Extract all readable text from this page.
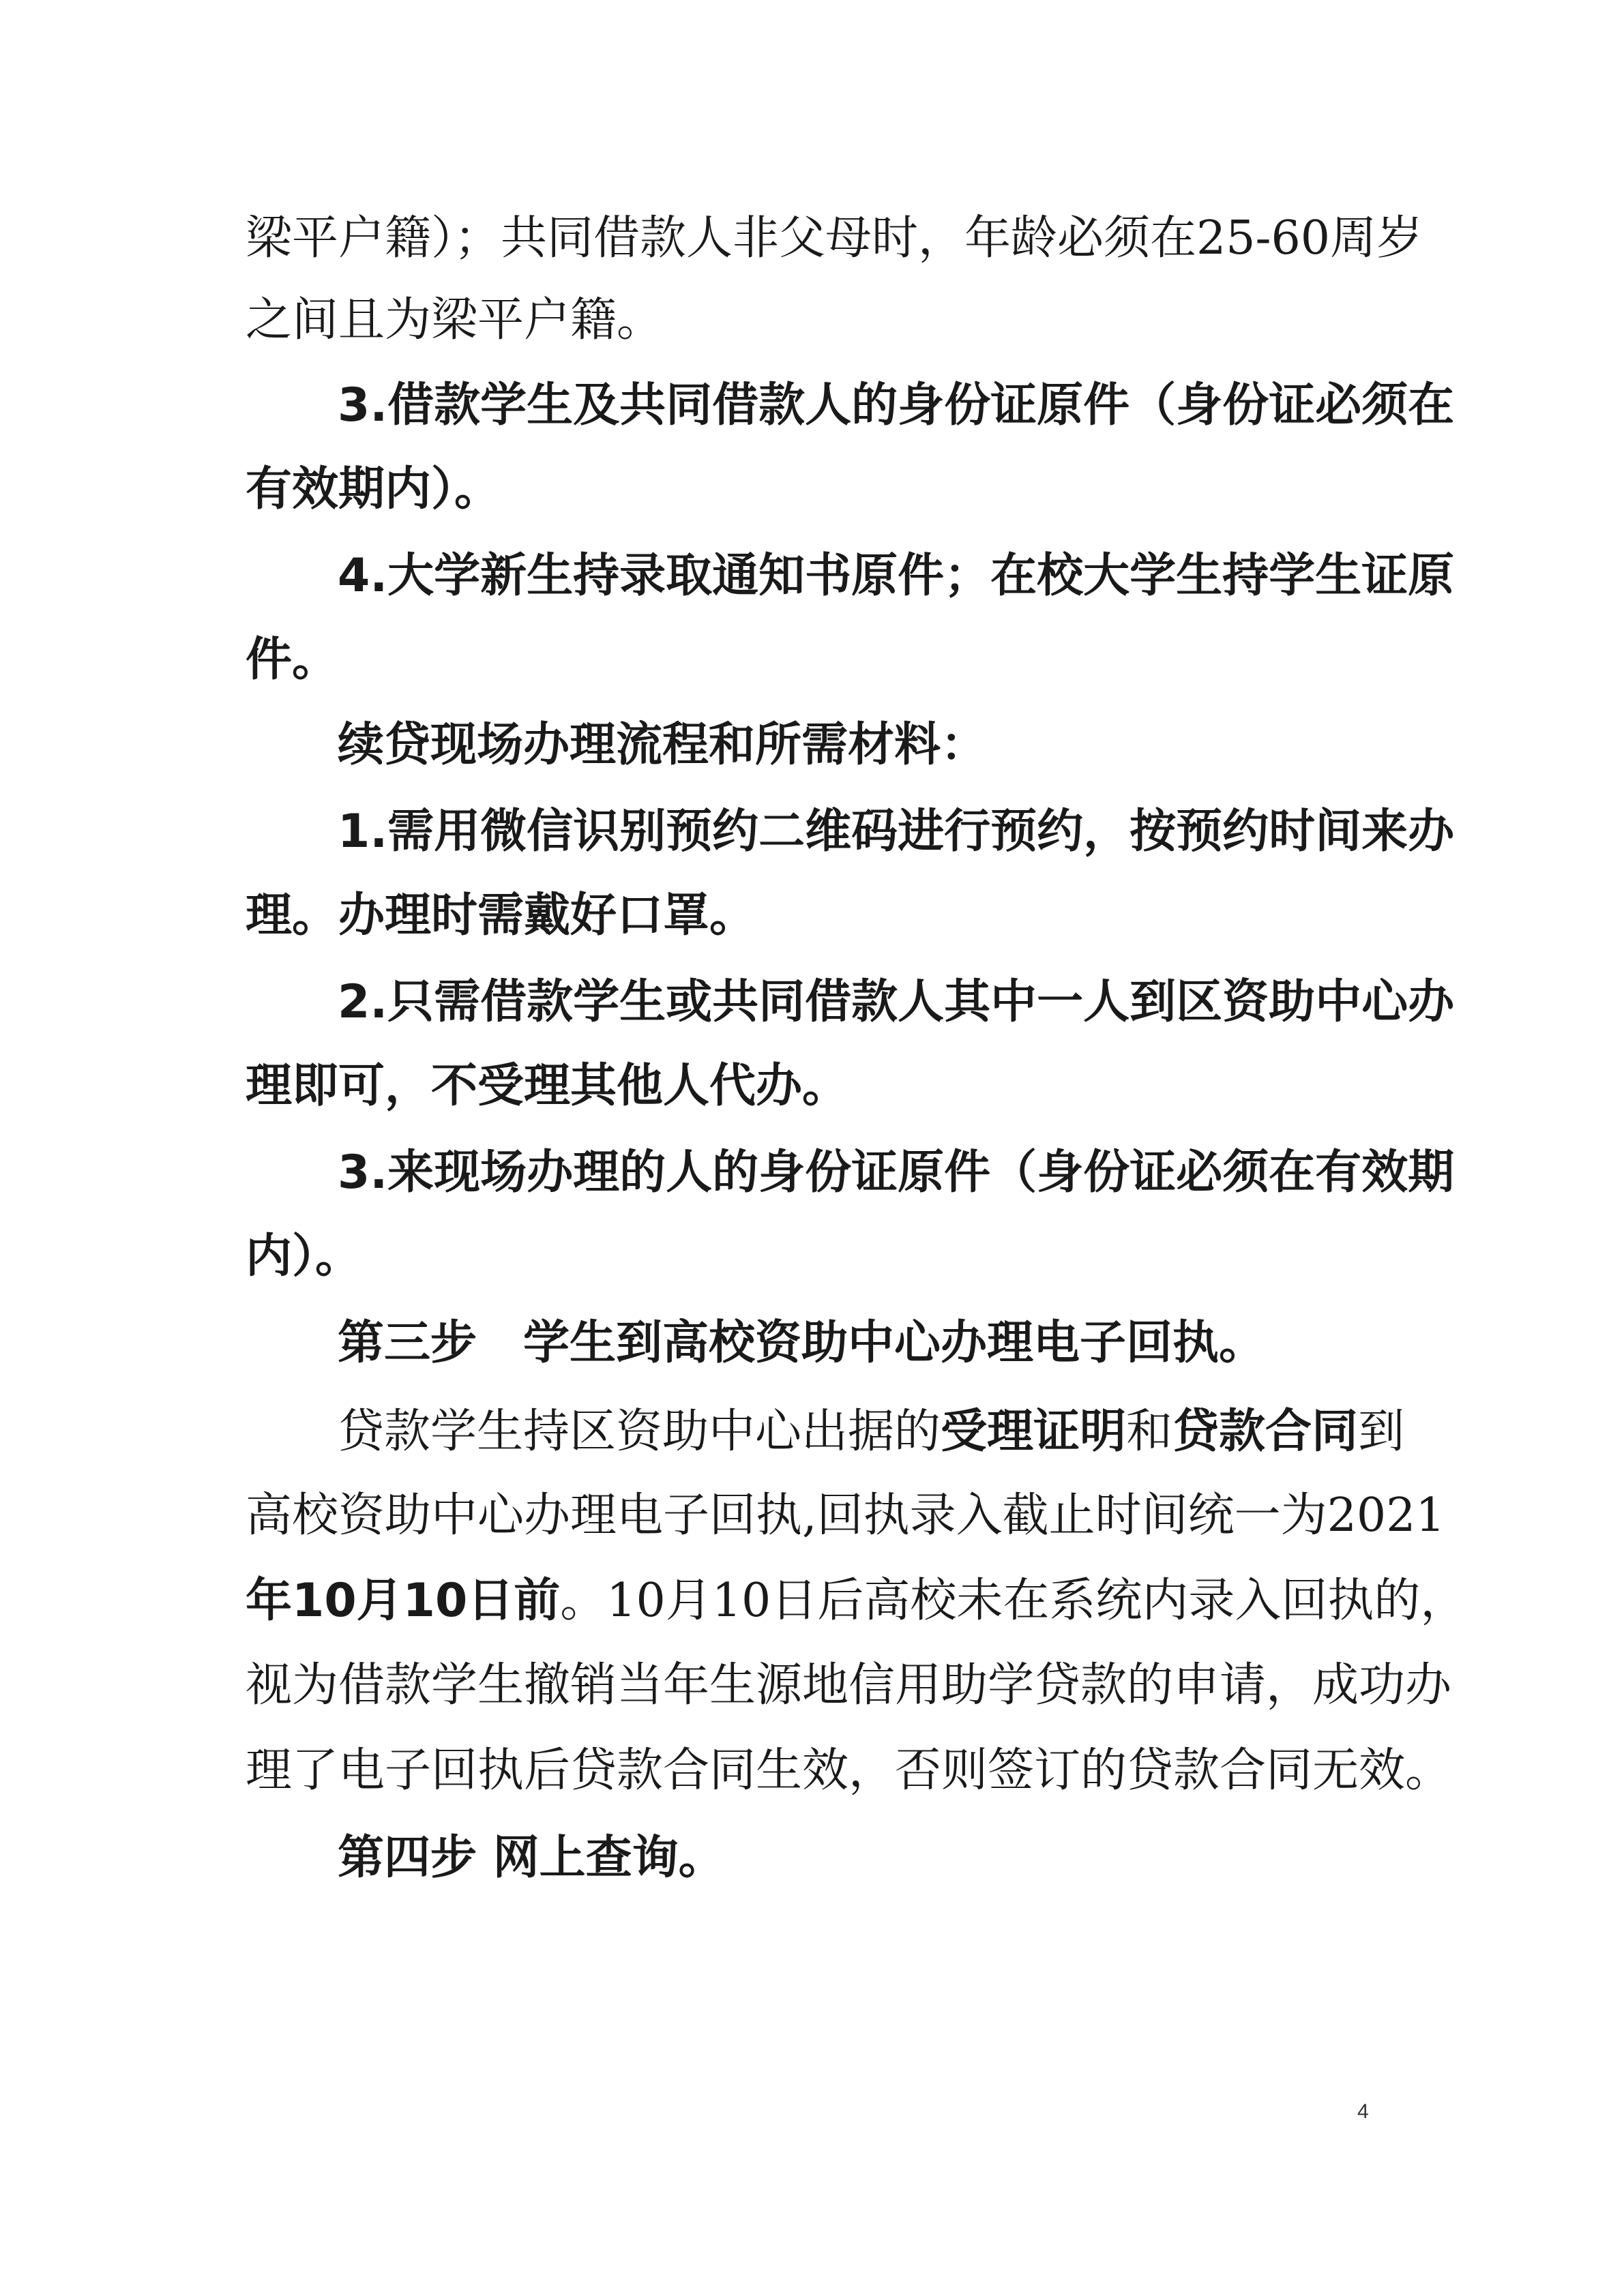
梁平户籍）；共同借款人非父母时，年龄必须在25-60周岁
之间且为梁平户籍。
3.借款学生及共同借款人的身份证原件（身份证必须在
有效期内）。
4.大学新生持录取通知书原件；在校大学生持学生证原
件。
续贷现场办理流程和所需材料：
1.需用微信识别预约二维码进行预约，按预约时间来办
理。办理时需戴好口罩。
2.只需借款学生或共同借款人其中一人到区资助中心办
理即可，不受理其他人代办。
3.来现场办理的人的身份证原件（身份证必须在有效期
内）。
第三步　学生到高校资助中心办理电子回执。
贷款学生持区资助中心出据的受理证明和贷款合同到
高校资助中心办理电子回执,回执录入截止时间统一为2021
年10月10日前。10月10日后高校未在系统内录入回执的，
视为借款学生撤销当年生源地信用助学贷款的申请，成功办
理了电子回执后贷款合同生效，否则签订的贷款合同无效。
第四步 网上查询。
4
